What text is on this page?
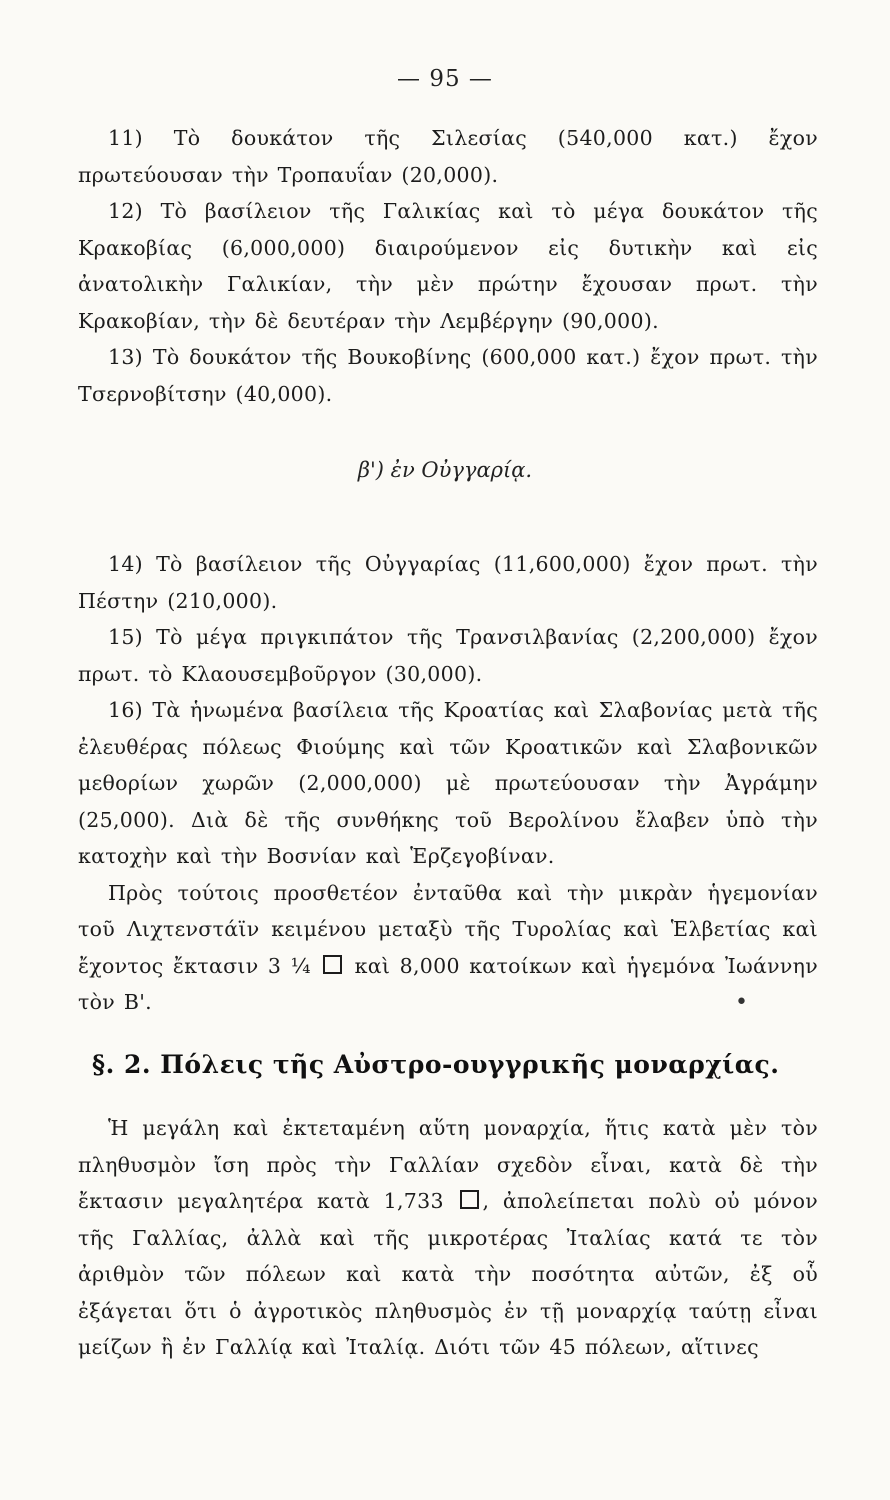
— 95 —

11) Τὸ δουκάτον τῆς Σιλεσίας (540,000 κατ.) ἔχον πρωτεύουσαν τὴν Τροπαυΐαν (20,000).

12) Τὸ βασίλειον τῆς Γαλικίας καὶ τὸ μέγα δουκάτον τῆς Κρακοβίας (6,000,000) διαιρούμενον εἰς δυτικὴν καὶ εἰς ἀνατολικὴν Γαλικίαν, τὴν μὲν πρώτην ἔχουσαν πρωτ. τὴν Κρακοβίαν, τὴν δὲ δευτέραν τὴν Λεμβέργην (90,000).

13) Τὸ δουκάτον τῆς Βουκοβίνης (600,000 κατ.) ἔχον πρωτ. τὴν Τσερνοβίτσην (40,000).

β') ἐν Οὐγγαρίᾳ.

14) Τὸ βασίλειον τῆς Οὐγγαρίας (11,600,000) ἔχον πρωτ. τὴν Πέστην (210,000).

15) Τὸ μέγα πριγκιπάτον τῆς Τρανσιλβανίας (2,200,000) ἔχον πρωτ. τὸ Κλαουσεμβοῦργον (30,000).

16) Τὰ ἡνωμένα βασίλεια τῆς Κροατίας καὶ Σλαβονίας μετὰ τῆς ἐλευθέρας πόλεως Φιούμης καὶ τῶν Κροατικῶν καὶ Σλαβονικῶν μεθορίων χωρῶν (2,000,000) μὲ πρωτεύουσαν τὴν Ἀγράμην (25,000). Διὰ δὲ τῆς συνθήκης τοῦ Βερολίνου ἔλαβεν ὑπὸ τὴν κατοχὴν καὶ τὴν Βοσνίαν καὶ Ἑρζεγοβίναν.

Πρὸς τούτοις προσθετέον ἐνταῦθα καὶ τὴν μικρὰν ἡγεμονίαν τοῦ Λιχτενστάϊν κειμένου μεταξὺ τῆς Τυρολίας καὶ Ἑλβετίας καὶ ἔχοντος ἔκτασιν 3 ¼ καὶ 8,000 κατοίκων καὶ ἡγεμόνα Ἰωάννην τὸν Β'.	•
§. 2. Πόλεις τῆς Αὐστρο-ουγγρικῆς μοναρχίας.

Ἡ μεγάλη καὶ ἐκτεταμένη αὕτη μοναρχία, ἥτις κατὰ μὲν τὸν πληθυσμὸν ἴση πρὸς τὴν Γαλλίαν σχεδὸν εἶναι, κατὰ δὲ τὴν ἔκτασιν μεγαλητέρα κατὰ 1,733 , ἀπολείπεται πολὺ οὐ μόνον τῆς Γαλλίας, ἀλλὰ καὶ τῆς μικροτέρας Ἰταλίας κατά τε τὸν ἀριθμὸν τῶν πόλεων καὶ κατὰ τὴν ποσότητα αὐτῶν, ἐξ οὗ ἐξάγεται ὅτι ὁ ἀγροτικὸς πληθυσμὸς ἐν τῇ μοναρχίᾳ ταύτῃ εἶναι μείζων ἢ ἐν Γαλλίᾳ καὶ Ἰταλίᾳ. Διότι τῶν 45 πόλεων, αἵτινες
